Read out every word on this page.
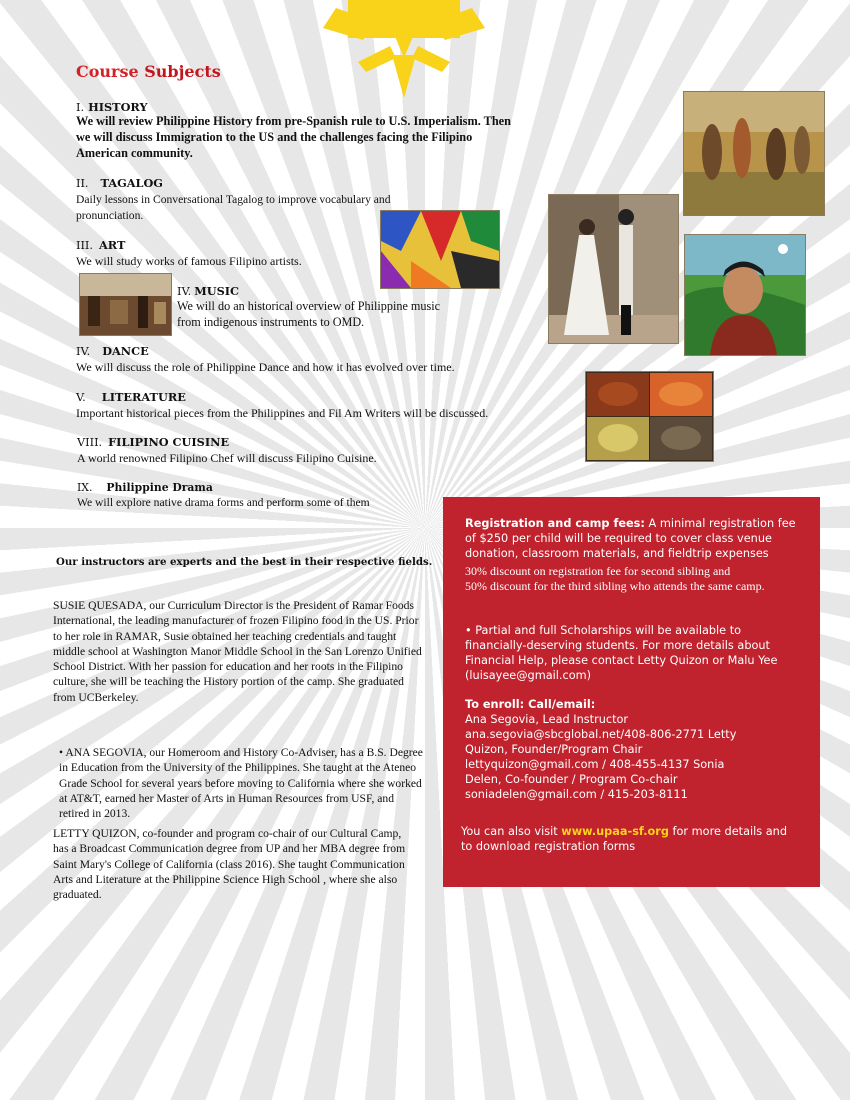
Course Subjects
I. HISTORY
We will review Philippine History from pre-Spanish rule to U.S. Imperialism. Then we will discuss Immigration to the US and the challenges facing the Filipino American community.
II. TAGALOG
Daily lessons in Conversational Tagalog to improve vocabulary and pronunciation.
III. ART
We will study works of famous Filipino artists.
IV. MUSIC
We will do an historical overview of Philippine music from indigenous instruments to OMD.
IV. DANCE
We will discuss the role of Philippine Dance and how it has evolved over time.
V. LITERATURE
Important historical pieces from the Philippines and Fil Am Writers will be discussed.
VIII. FILIPINO CUISINE
A world renowned Filipino Chef will discuss Filipino Cuisine.
IX. Philippine Drama
We will explore native drama forms and perform some of them
Our instructors are experts and the best in their respective fields.
SUSIE QUESADA, our Curriculum Director is the President of Ramar Foods International, the leading manufacturer of frozen Filipino food in the US. Prior to her role in RAMAR, Susie obtained her teaching credentials and taught middle school at Washington Manor Middle School in the San Lorenzo Unified School District. With her passion for education and her roots in the Filipino culture, she will be teaching the History portion of the camp. She graduated from UCBerkeley.
• ANA SEGOVIA, our Homeroom and History Co-Adviser, has a B.S. Degree in Education from the University of the Philippines. She taught at the Ateneo Grade School for several years before moving to California where she worked at AT&T, earned her Master of Arts in Human Resources from USF, and retired in 2013.
LETTY QUIZON, co-founder and program co-chair of our Cultural Camp, has a Broadcast Communication degree from UP and her MBA degree from Saint Mary's College of California (class 2016). She taught Communication Arts and Literature at the Philippine Science High School , where she also graduated.
Registration and camp fees: A minimal registration fee of $250 per child will be required to cover class venue donation, classroom materials, and fieldtrip expenses
30% discount on registration fee for second sibling and
50% discount for the third sibling who attends the same camp.
• Partial and full Scholarships will be available to financially-deserving students. For more details about Financial Help, please contact Letty Quizon or Malu Yee (luisayee@gmail.com)
To enroll: Call/email:
Ana Segovia, Lead Instructor
ana.segovia@sbcglobal.net/408-806-2771 Letty
Quizon, Founder/Program Chair
lettyquizon@gmail.com / 408-455-4137 Sonia
Delen, Co-founder / Program Co-chair
soniadelen@gmail.com / 415-203-8111
You can also visit www.upaa-sf.org for more details and to download registration forms
